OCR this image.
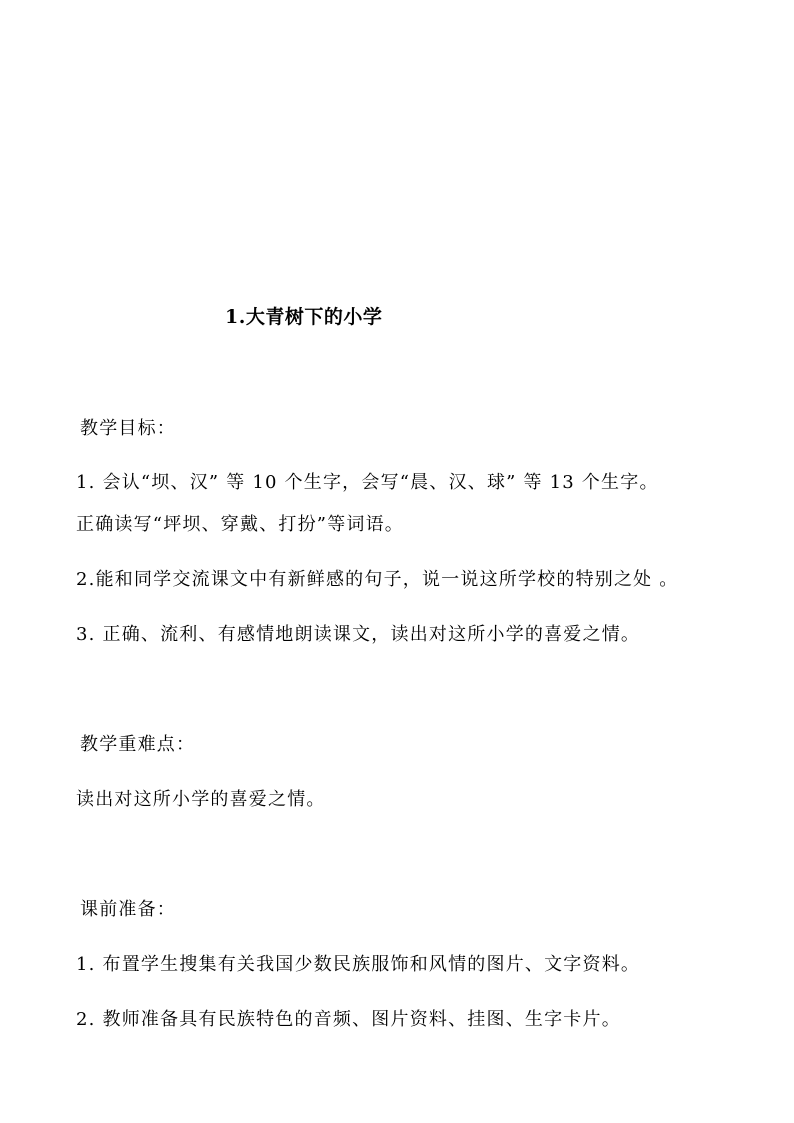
1.大青树下的小学
教学目标：
1. 会认“坝、汉” 等 10 个生字，会写“晨、汉、球” 等 13 个生字。
正确读写“坪坝、穿戴、打扮”等词语。
2.能和同学交流课文中有新鲜感的句子，说一说这所学校的特别之处 。
3. 正确、流利、有感情地朗读课文，读出对这所小学的喜爱之情。
教学重难点：
读出对这所小学的喜爱之情。
课前准备：
1. 布置学生搜集有关我国少数民族服饰和风情的图片、文字资料。
2. 教师准备具有民族特色的音频、图片资料、挂图、生字卡片。
